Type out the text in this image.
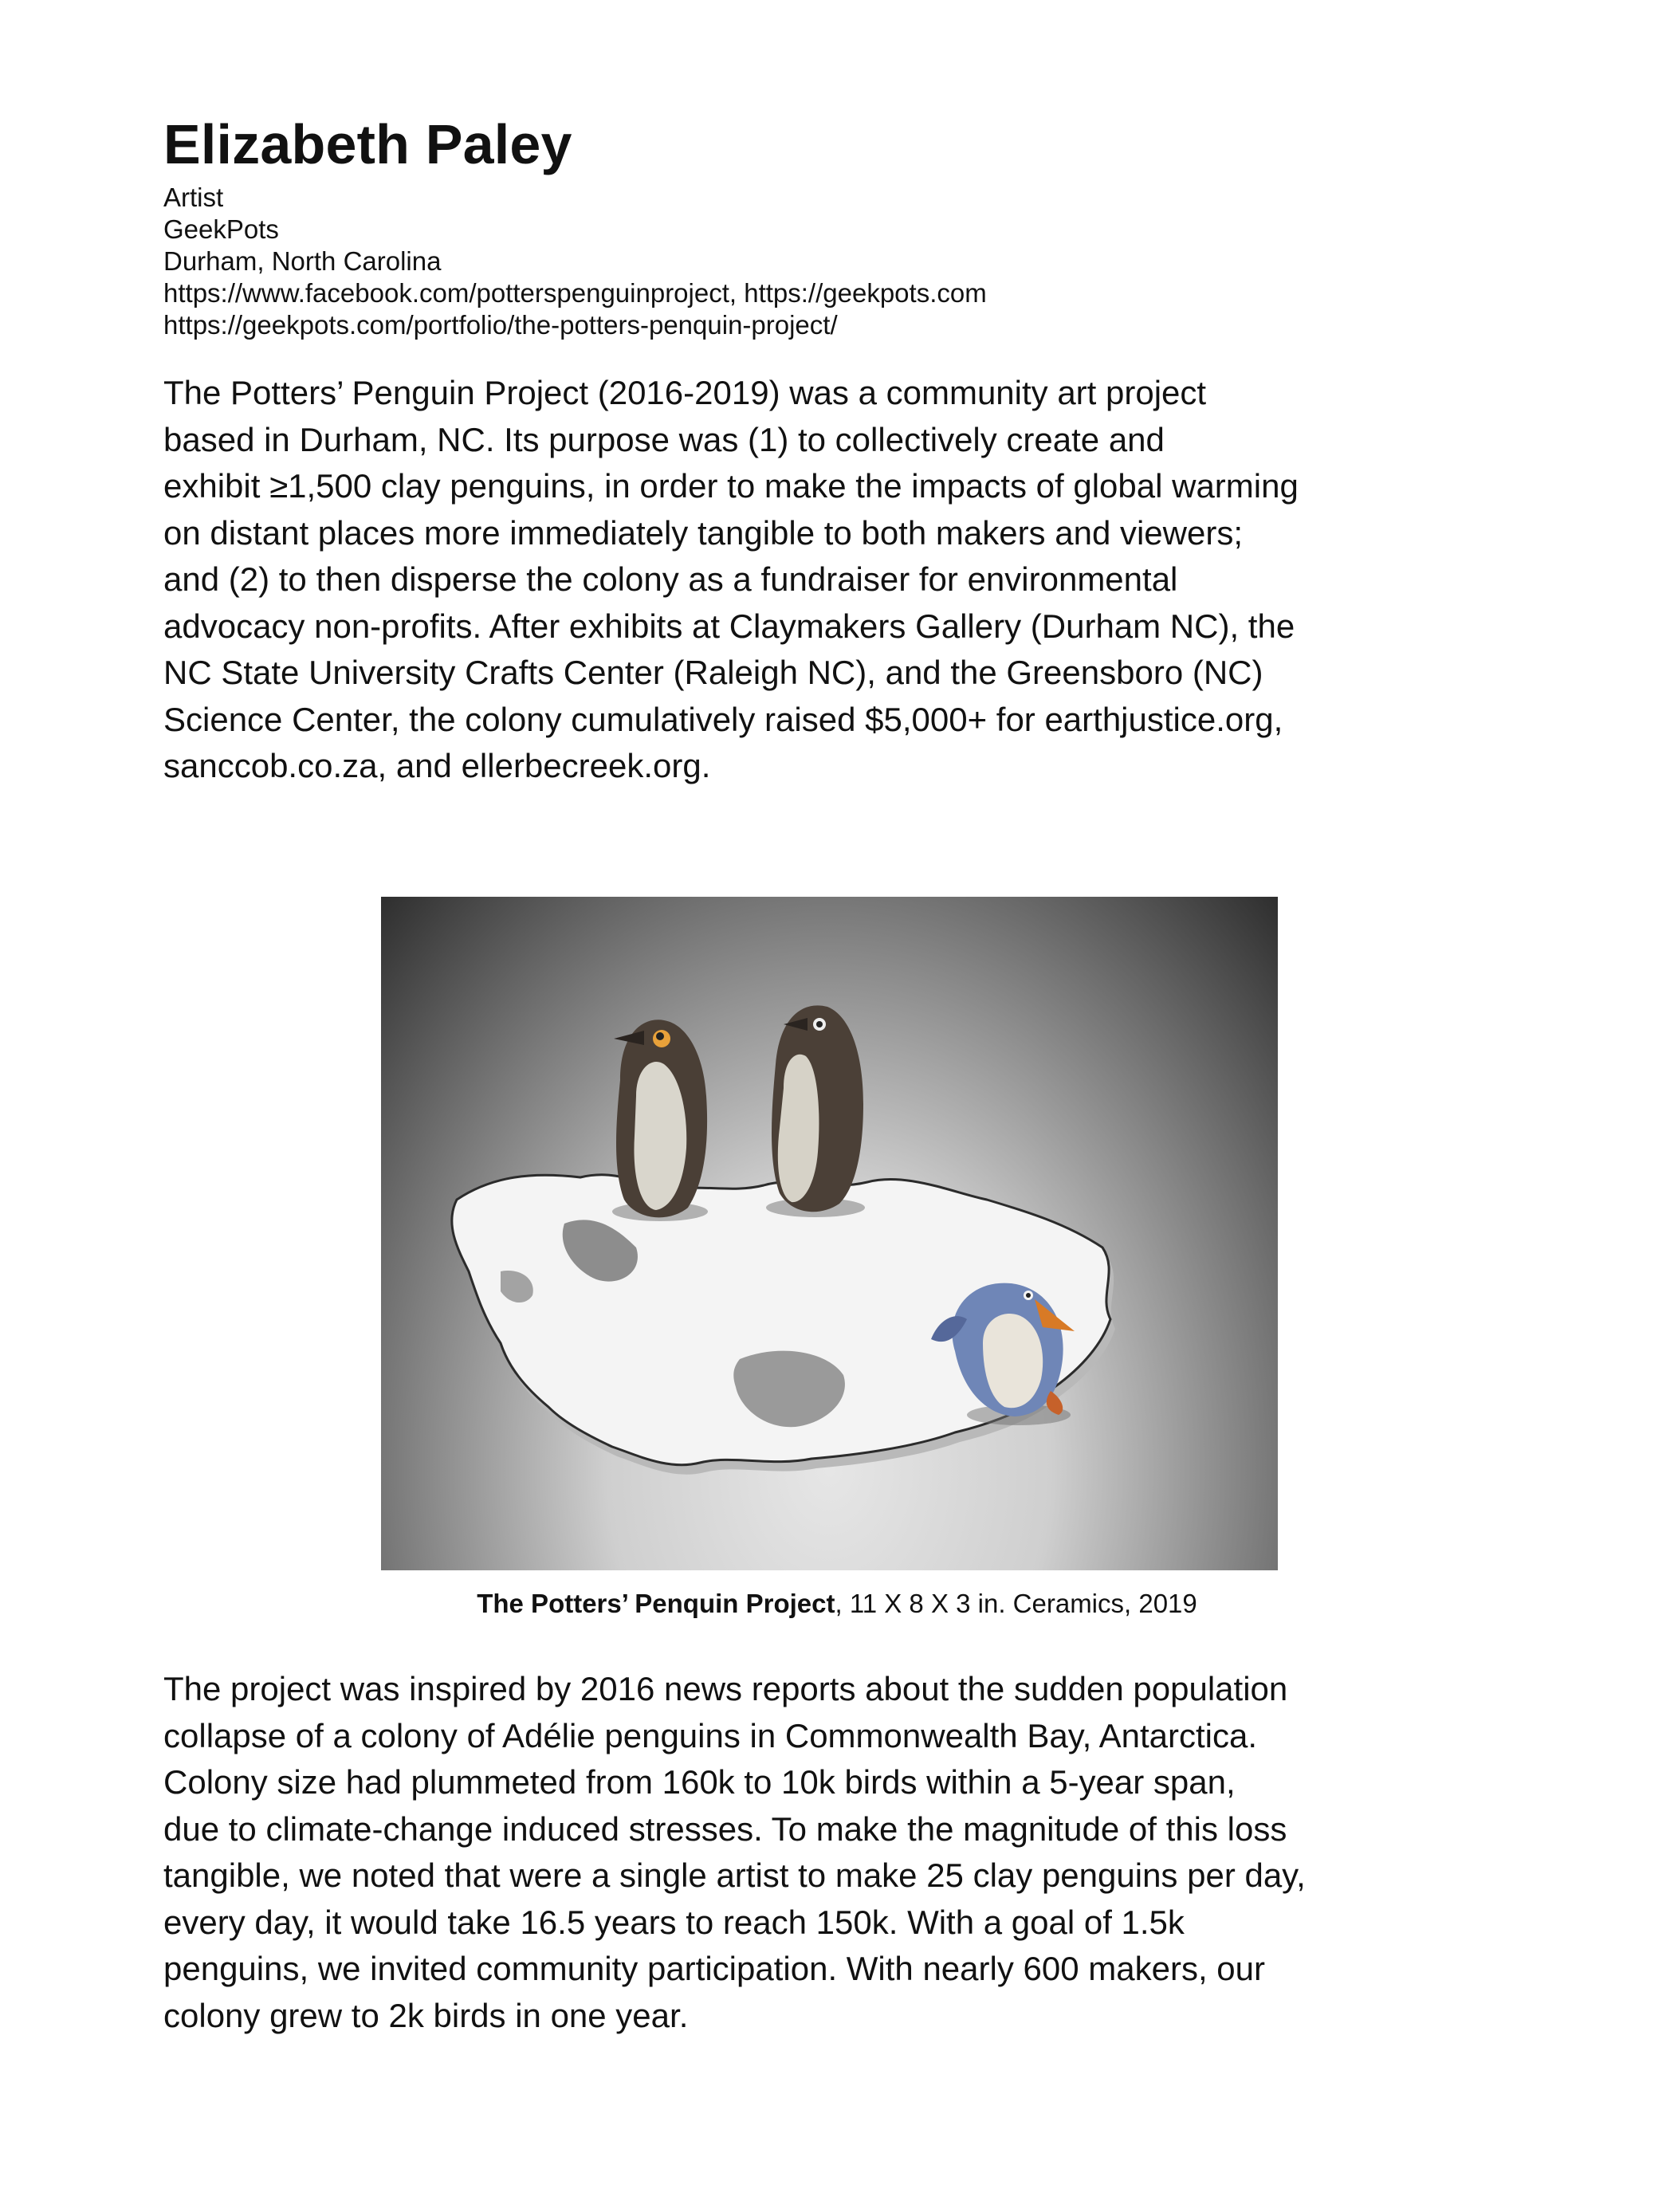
Elizabeth Paley
Artist
GeekPots
Durham, North Carolina
https://www.facebook.com/potterspenguinproject, https://geekpots.com
https://geekpots.com/portfolio/the-potters-penquin-project/

The Potters’ Penguin Project (2016-2019) was a community art project
based in Durham, NC. Its purpose was (1) to collectively create and
exhibit ≥1,500 clay penguins, in order to make the impacts of global warming
on distant places more immediately tangible to both makers and viewers;
and (2) to then disperse the colony as a fundraiser for environmental
advocacy non-profits. After exhibits at Claymakers Gallery (Durham NC), the
NC State University Crafts Center (Raleigh NC), and the Greensboro (NC)
Science Center, the colony cumulatively raised $5,000+ for earthjustice.org,
sanccob.co.za, and ellerbecreek.org.

The Potters’ Penquin Project, 11 X 8 X 3 in. Ceramics, 2019

The project was inspired by 2016 news reports about the sudden population
collapse of a colony of Adélie penguins in Commonwealth Bay, Antarctica.
Colony size had plummeted from 160k to 10k birds within a 5-year span,
due to climate-change induced stresses. To make the magnitude of this loss
tangible, we noted that were a single artist to make 25 clay penguins per day,
every day, it would take 16.5 years to reach 150k. With a goal of 1.5k
penguins, we invited community participation. With nearly 600 makers, our
colony grew to 2k birds in one year.
